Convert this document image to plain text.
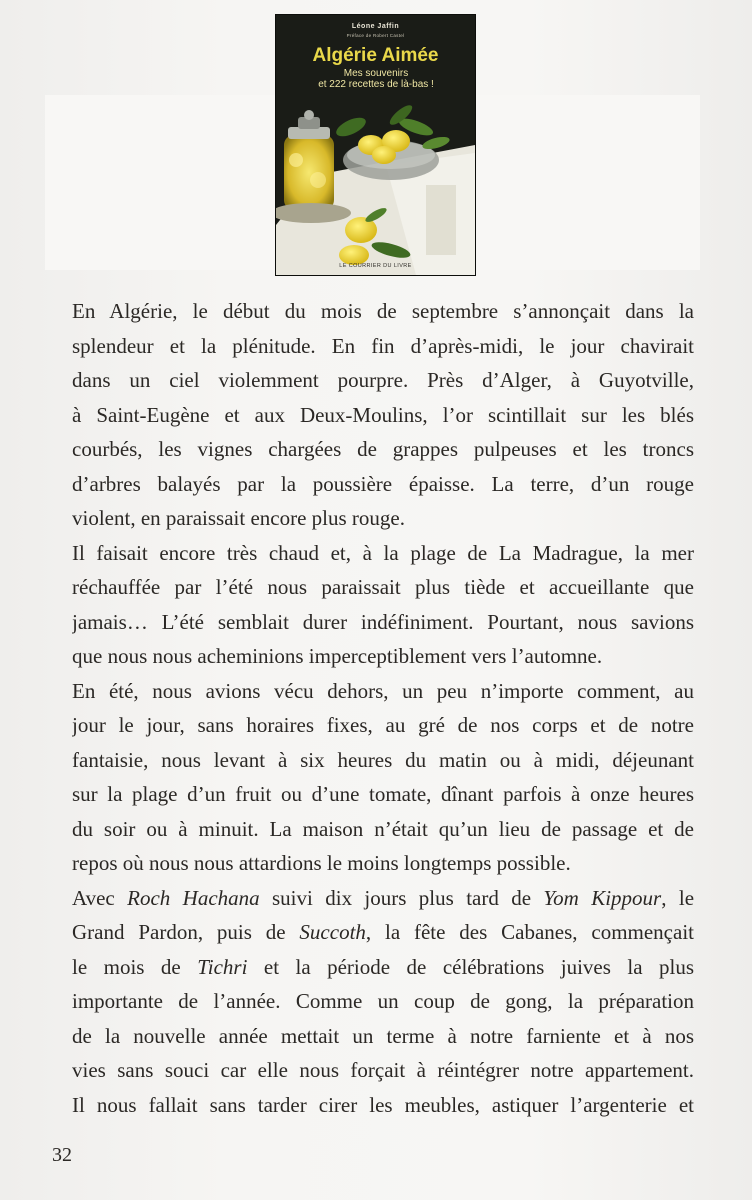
Léone Jaffin
Préface de Robert Castel
Algérie Aimée
Mes souvenirs
et 222 recettes de là-bas !
LE COURRIER DU LIVRE

En Algérie, le début du mois de septembre s’annonçait dans la
splendeur et la plénitude. En fin d’après-midi, le jour chavirait
dans un ciel violemment pourpre. Près d’Alger, à Guyotville,
à Saint-Eugène et aux Deux-Moulins, l’or scintillait sur les blés
courbés, les vignes chargées de grappes pulpeuses et les troncs
d’arbres balayés par la poussière épaisse. La terre, d’un rouge
violent, en paraissait encore plus rouge.

Il faisait encore très chaud et, à la plage de La Madrague, la mer
réchauffée par l’été nous paraissait plus tiède et accueillante que
jamais… L’été semblait durer indéfiniment. Pourtant, nous savions
que nous nous acheminions imperceptiblement vers l’automne.

En été, nous avions vécu dehors, un peu n’importe comment, au
jour le jour, sans horaires fixes, au gré de nos corps et de notre
fantaisie, nous levant à six heures du matin ou à midi, déjeunant
sur la plage d’un fruit ou d’une tomate, dînant parfois à onze heures
du soir ou à minuit. La maison n’était qu’un lieu de passage et de
repos où nous nous attardions le moins longtemps possible.

Avec Roch Hachana suivi dix jours plus tard de Yom Kippour, le
Grand Pardon, puis de Succoth, la fête des Cabanes, commençait
le mois de Tichri et la période de célébrations juives la plus
importante de l’année. Comme un coup de gong, la préparation
de la nouvelle année mettait un terme à notre farniente et à nos
vies sans souci car elle nous forçait à réintégrer notre appartement.
Il nous fallait sans tarder cirer les meubles, astiquer l’argenterie et

32
